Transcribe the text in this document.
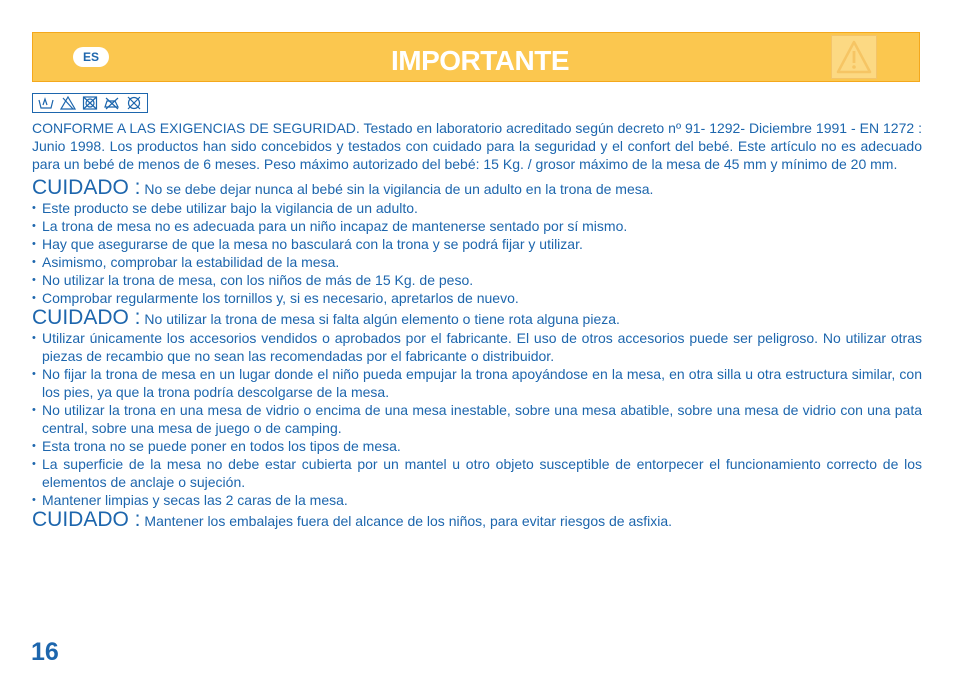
ES	IMPORTANTE

CONFORME A LAS EXIGENCIAS DE SEGURIDAD. Testado en laboratorio acreditado según decreto nº 91- 1292- Diciembre 1991 - EN 1272 : Junio 1998. Los productos han sido concebidos y testados con cuidado para la seguridad y el confort del bebé. Este artículo no es adecuado para un bebé de menos de 6 meses. Peso máximo autorizado del bebé: 15 Kg. / grosor máximo de la mesa de 45 mm y mínimo de 20 mm.

CUIDADO : No se debe dejar nunca al bebé sin la vigilancia de un adulto en la trona de mesa.
• Este producto se debe utilizar bajo la vigilancia de un adulto.
• La trona de mesa no es adecuada para un niño incapaz de mantenerse sentado por sí mismo.
• Hay que asegurarse de que la mesa no basculará con la trona y se podrá fijar y utilizar.
• Asimismo, comprobar la estabilidad de la mesa.
• No utilizar la trona de mesa, con los niños de más de 15 Kg. de peso.
• Comprobar regularmente los tornillos y, si es necesario, apretarlos de nuevo.
CUIDADO : No utilizar la trona de mesa si falta algún elemento o tiene rota alguna pieza.
• Utilizar únicamente los accesorios vendidos o aprobados por el fabricante. El uso de otros accesorios puede ser peligroso. No utilizar otras piezas de recambio que no sean las recomendadas por el fabricante o distribuidor.
• No fijar la trona de mesa en un lugar donde el niño pueda empujar la trona apoyándose en la mesa, en otra silla u otra estructura similar, con los pies, ya que la trona podría descolgarse de la mesa.
• No utilizar la trona en una mesa de vidrio o encima de una mesa inestable, sobre una mesa abatible, sobre una mesa de vidrio con una pata central, sobre una mesa de juego o de camping.
• Esta trona no se puede poner en todos los tipos de mesa.
• La superficie de la mesa no debe estar cubierta por un mantel u otro objeto susceptible de entorpecer el funcionamiento correcto de los elementos de anclaje o sujeción.
• Mantener limpias y secas las 2 caras de la mesa.
CUIDADO : Mantener los embalajes fuera del alcance de los niños, para evitar riesgos de asfixia.
16
